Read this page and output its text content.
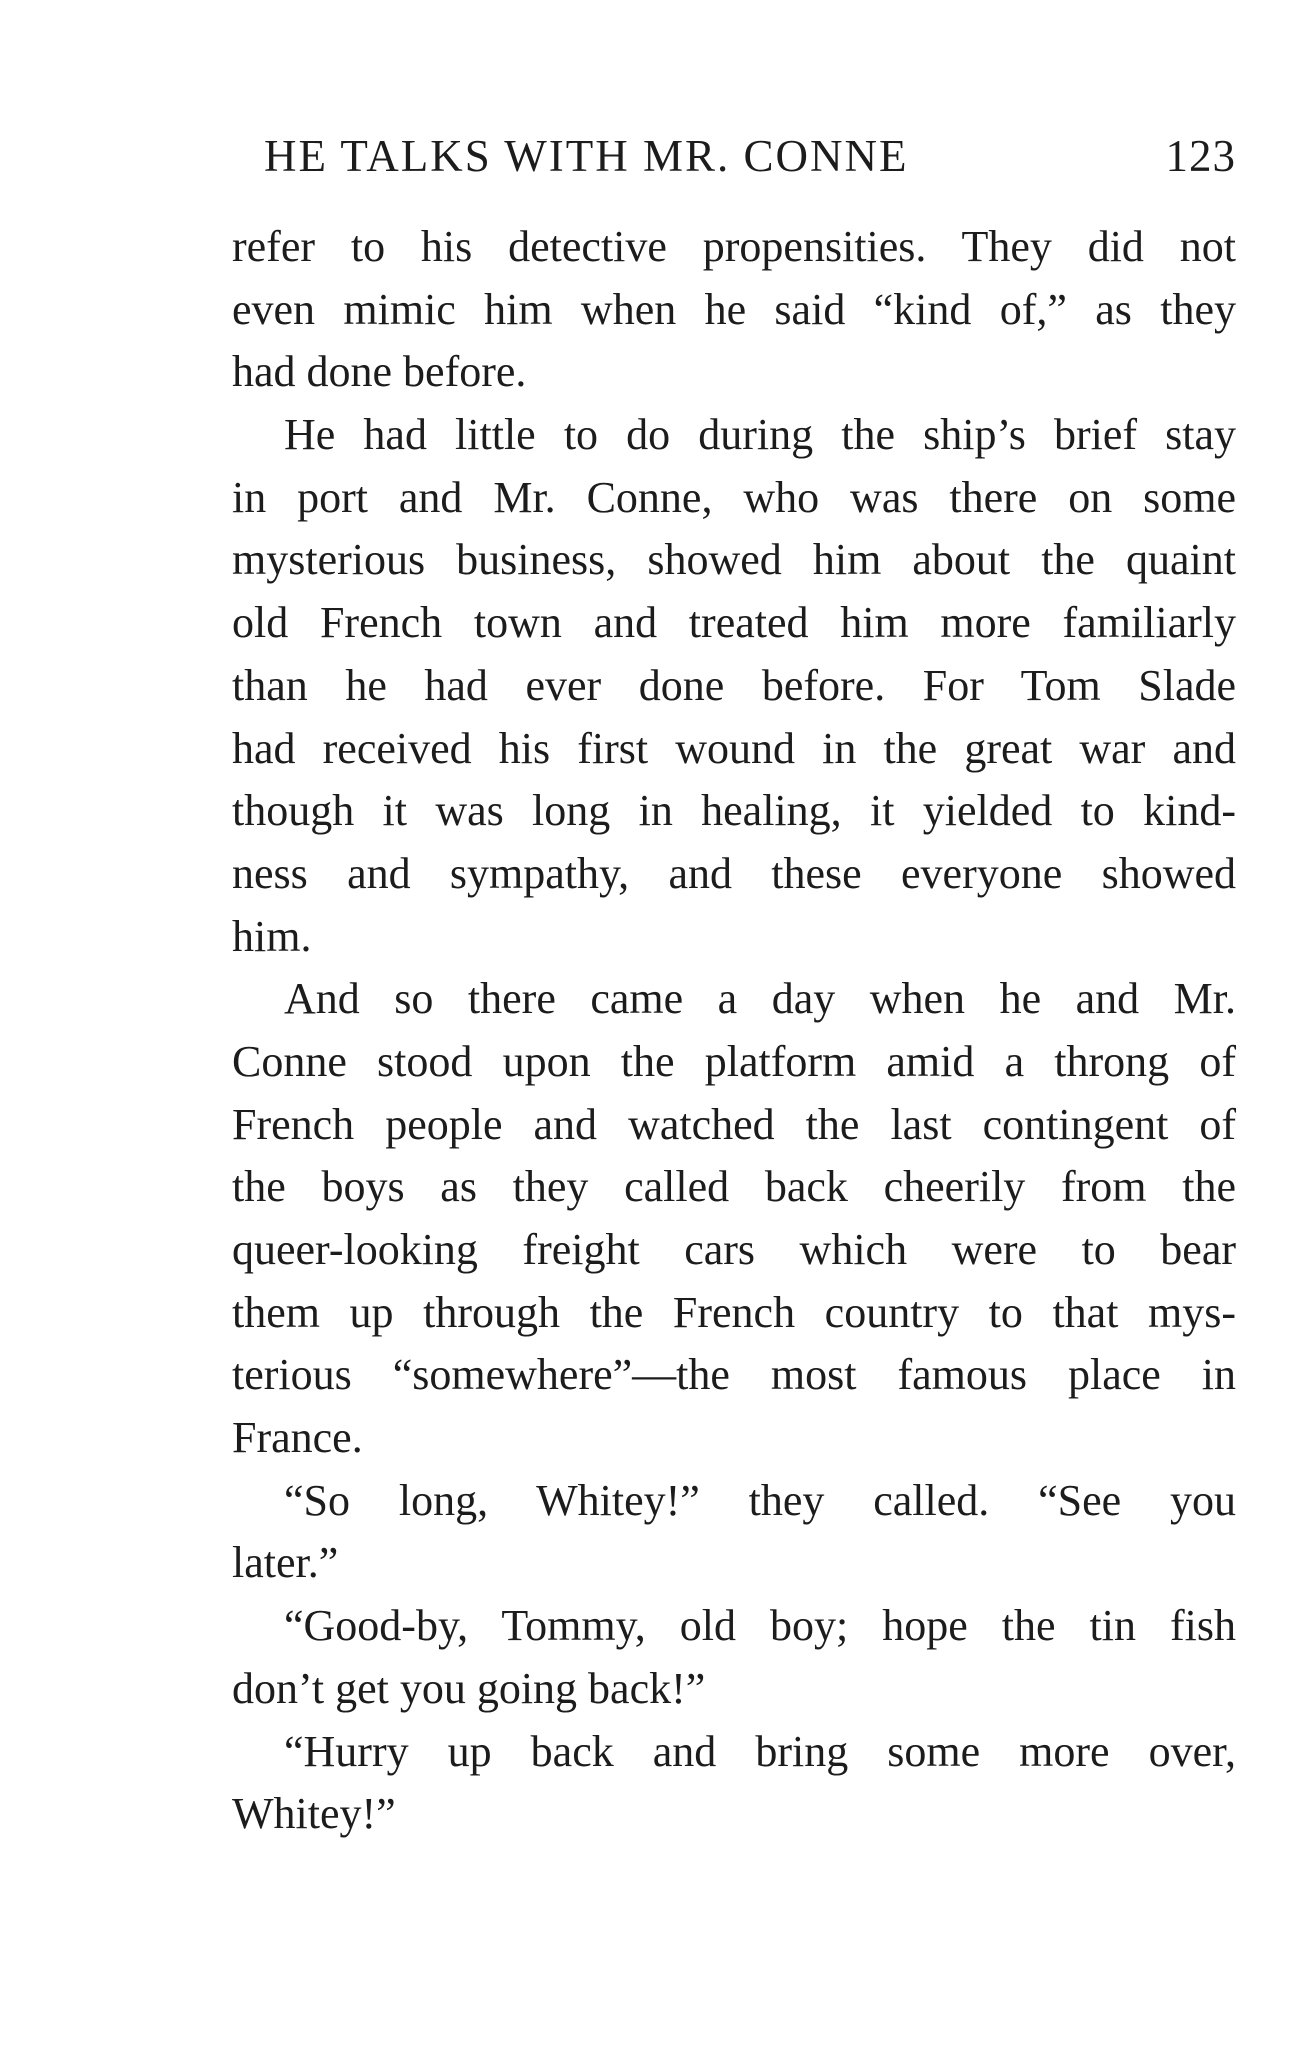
HE TALKS WITH MR. CONNE	123
refer to his detective propensities. They did not
even mimic him when he said “kind of,” as they
had done before.
He had little to do during the ship’s brief stay
in port and Mr. Conne, who was there on some
mysterious business, showed him about the quaint
old French town and treated him more familiarly
than he had ever done before. For Tom Slade
had received his first wound in the great war and
though it was long in healing, it yielded to kind-
ness and sympathy, and these everyone showed
him.
And so there came a day when he and Mr.
Conne stood upon the platform amid a throng of
French people and watched the last contingent of
the boys as they called back cheerily from the
queer-looking freight cars which were to bear
them up through the French country to that mys-
terious “somewhere”—the most famous place in
France.
“So long, Whitey!” they called. “See you
later.”
“Good-by, Tommy, old boy; hope the tin fish
don’t get you going back!”
“Hurry up back and bring some more over,
Whitey!”
